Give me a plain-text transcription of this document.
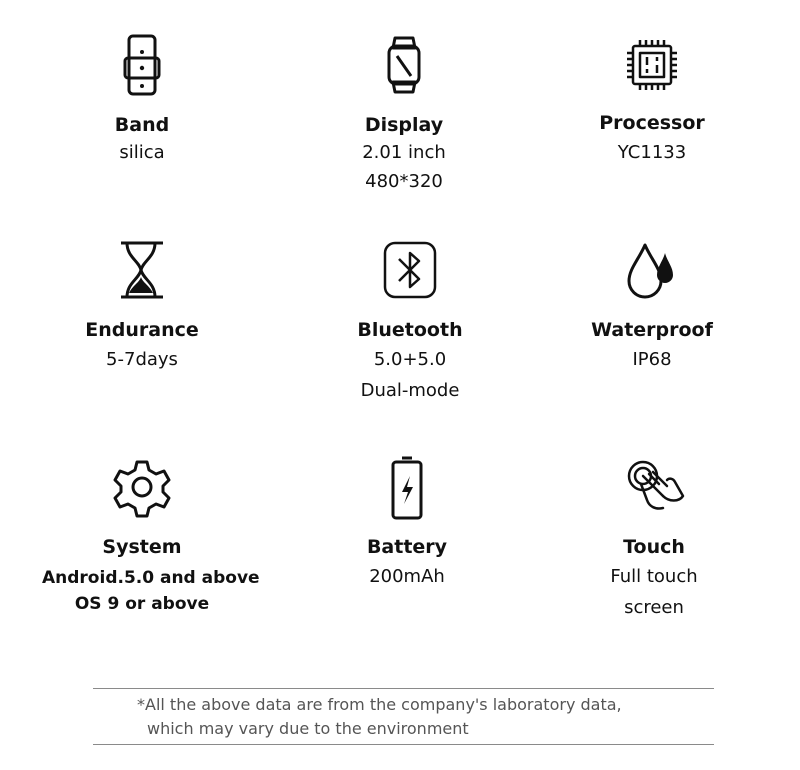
Band
silica
Display
2.01 inch
480*320
Processor
YC1133
Endurance
5-7days
Bluetooth
5.0+5.0
Dual-mode
Waterproof
IP68
System
Android.5.0 and above
OS 9 or above
Battery
200mAh
Touch
Full touch
screen
*All the above data are from the company's laboratory data,
which may vary due to the environment
